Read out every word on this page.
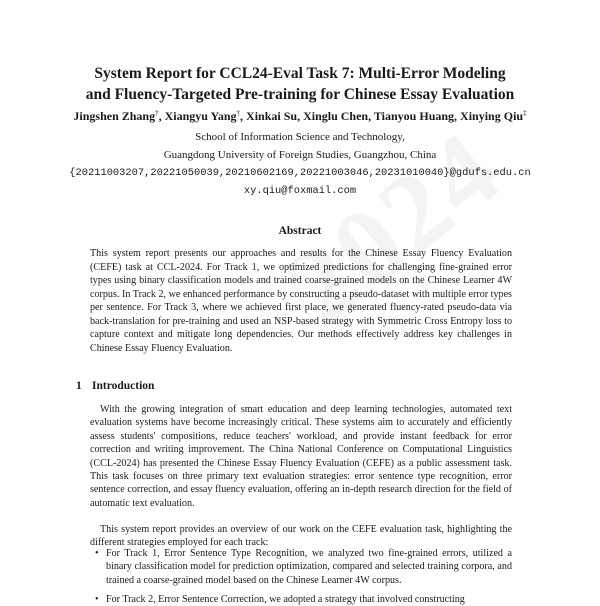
System Report for CCL24-Eval Task 7: Multi-Error Modeling
and Fluency-Targeted Pre-training for Chinese Essay Evaluation
Jingshen Zhang†, Xiangyu Yang†, Xinkai Su, Xinglu Chen, Tianyou Huang, Xinying Qiu‡
School of Information Science and Technology,
Guangdong University of Foreign Studies, Guangzhou, China
{20211003207,20221050039,20210602169,20221003046,20231010040}@gdufs.edu.cn
xy.qiu@foxmail.com
Abstract
This system report presents our approaches and results for the Chinese Essay Fluency Evaluation (CEFE) task at CCL-2024. For Track 1, we optimized predictions for challenging fine-grained error types using binary classification models and trained coarse-grained models on the Chinese Learner 4W corpus. In Track 2, we enhanced performance by constructing a pseudo-dataset with multiple error types per sentence. For Track 3, where we achieved first place, we generated fluency-rated pseudo-data via back-translation for pre-training and used an NSP-based strategy with Symmetric Cross Entropy loss to capture context and mitigate long dependencies. Our methods effectively address key challenges in Chinese Essay Fluency Evaluation.
1 Introduction
With the growing integration of smart education and deep learning technologies, automated text evaluation systems have become increasingly critical. These systems aim to accurately and efficiently assess students' compositions, reduce teachers' workload, and provide instant feedback for error correction and writing improvement. The China National Conference on Computational Linguistics (CCL-2024) has presented the Chinese Essay Fluency Evaluation (CEFE) as a public assessment task. This task focuses on three primary text evaluation strategies: error sentence type recognition, error sentence correction, and essay fluency evaluation, offering an in-depth research direction for the field of automatic text evaluation.
This system report provides an overview of our work on the CEFE evaluation task, highlighting the different strategies employed for each track:
• For Track 1, Error Sentence Type Recognition, we analyzed two fine-grained errors, utilized a binary classification model for prediction optimization, compared and selected training corpora, and trained a coarse-grained model based on the Chinese Learner 4W corpus.
• For Track 2, Error Sentence Correction, we adopted a strategy that involved constructing
